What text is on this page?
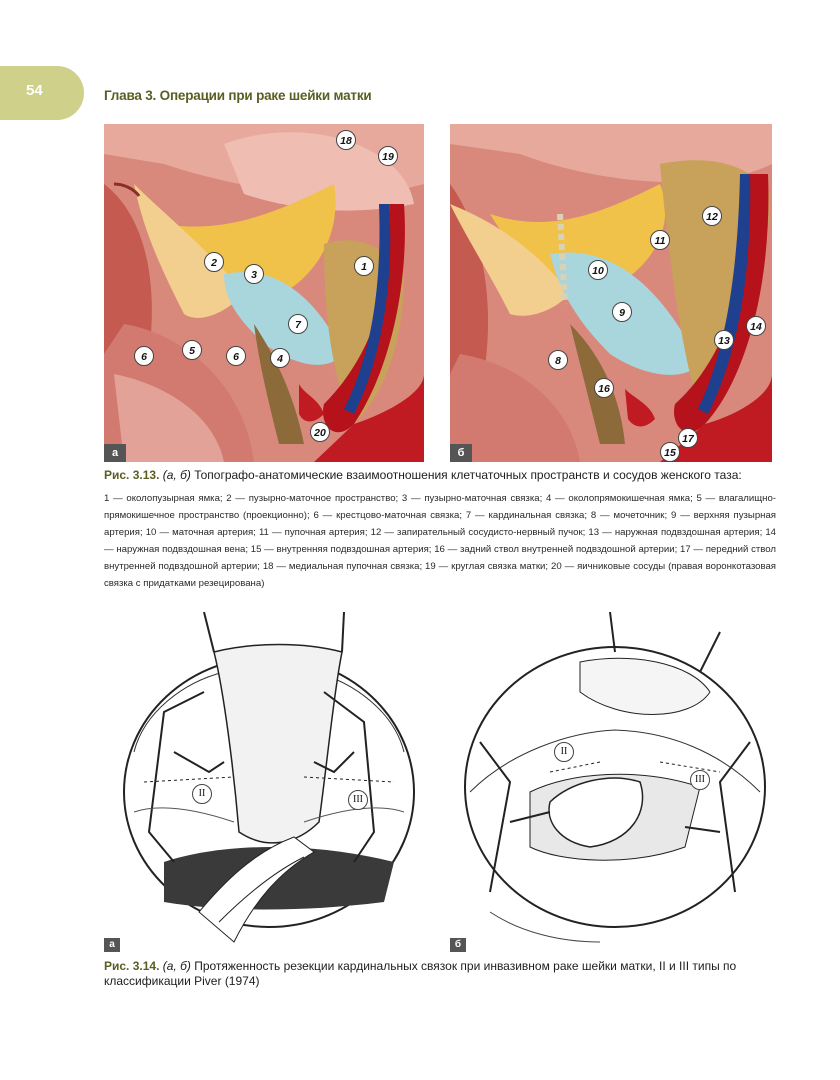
54	Глава 3. Операции при раке шейки матки
18
19
2
3
1
7
6	5	6	4
20
а
12
11
10
9
14
13
8
16
17
15
б
Рис. 3.13. (а, б) Топографо-анатомические взаимоотношения клетчаточных пространств и сосудов женского таза:
1 — околопузырная ямка; 2 — пузырно-маточное пространство; 3 — пузырно-маточная связка; 4 — околопрямокишечная ямка; 5 — влагалищно-прямокишечное пространство (проекционно); 6 — крестцово-маточная связка; 7 — кардинальная связка; 8 — мочеточник; 9 — верхняя пузырная артерия; 10 — маточная артерия; 11 — пупочная артерия; 12 — запирательный сосудисто-нервный пучок; 13 — наружная подвздошная артерия; 14 — наружная подвздошная вена; 15 — внутренняя подвздошная артерия; 16 — задний ствол внутренней подвздошной артерии; 17 — передний ствол внутренней подвздошной артерии; 18 — медиальная пупочная связка; 19 — круглая связка матки; 20 — яичниковые сосуды (правая воронкотазовая связка с придатками резецирована)
II
III
а
II
III
б
Рис. 3.14. (а, б) Протяженность резекции кардинальных связок при инвазивном раке шейки матки, II и III типы по классификации Piver (1974)
